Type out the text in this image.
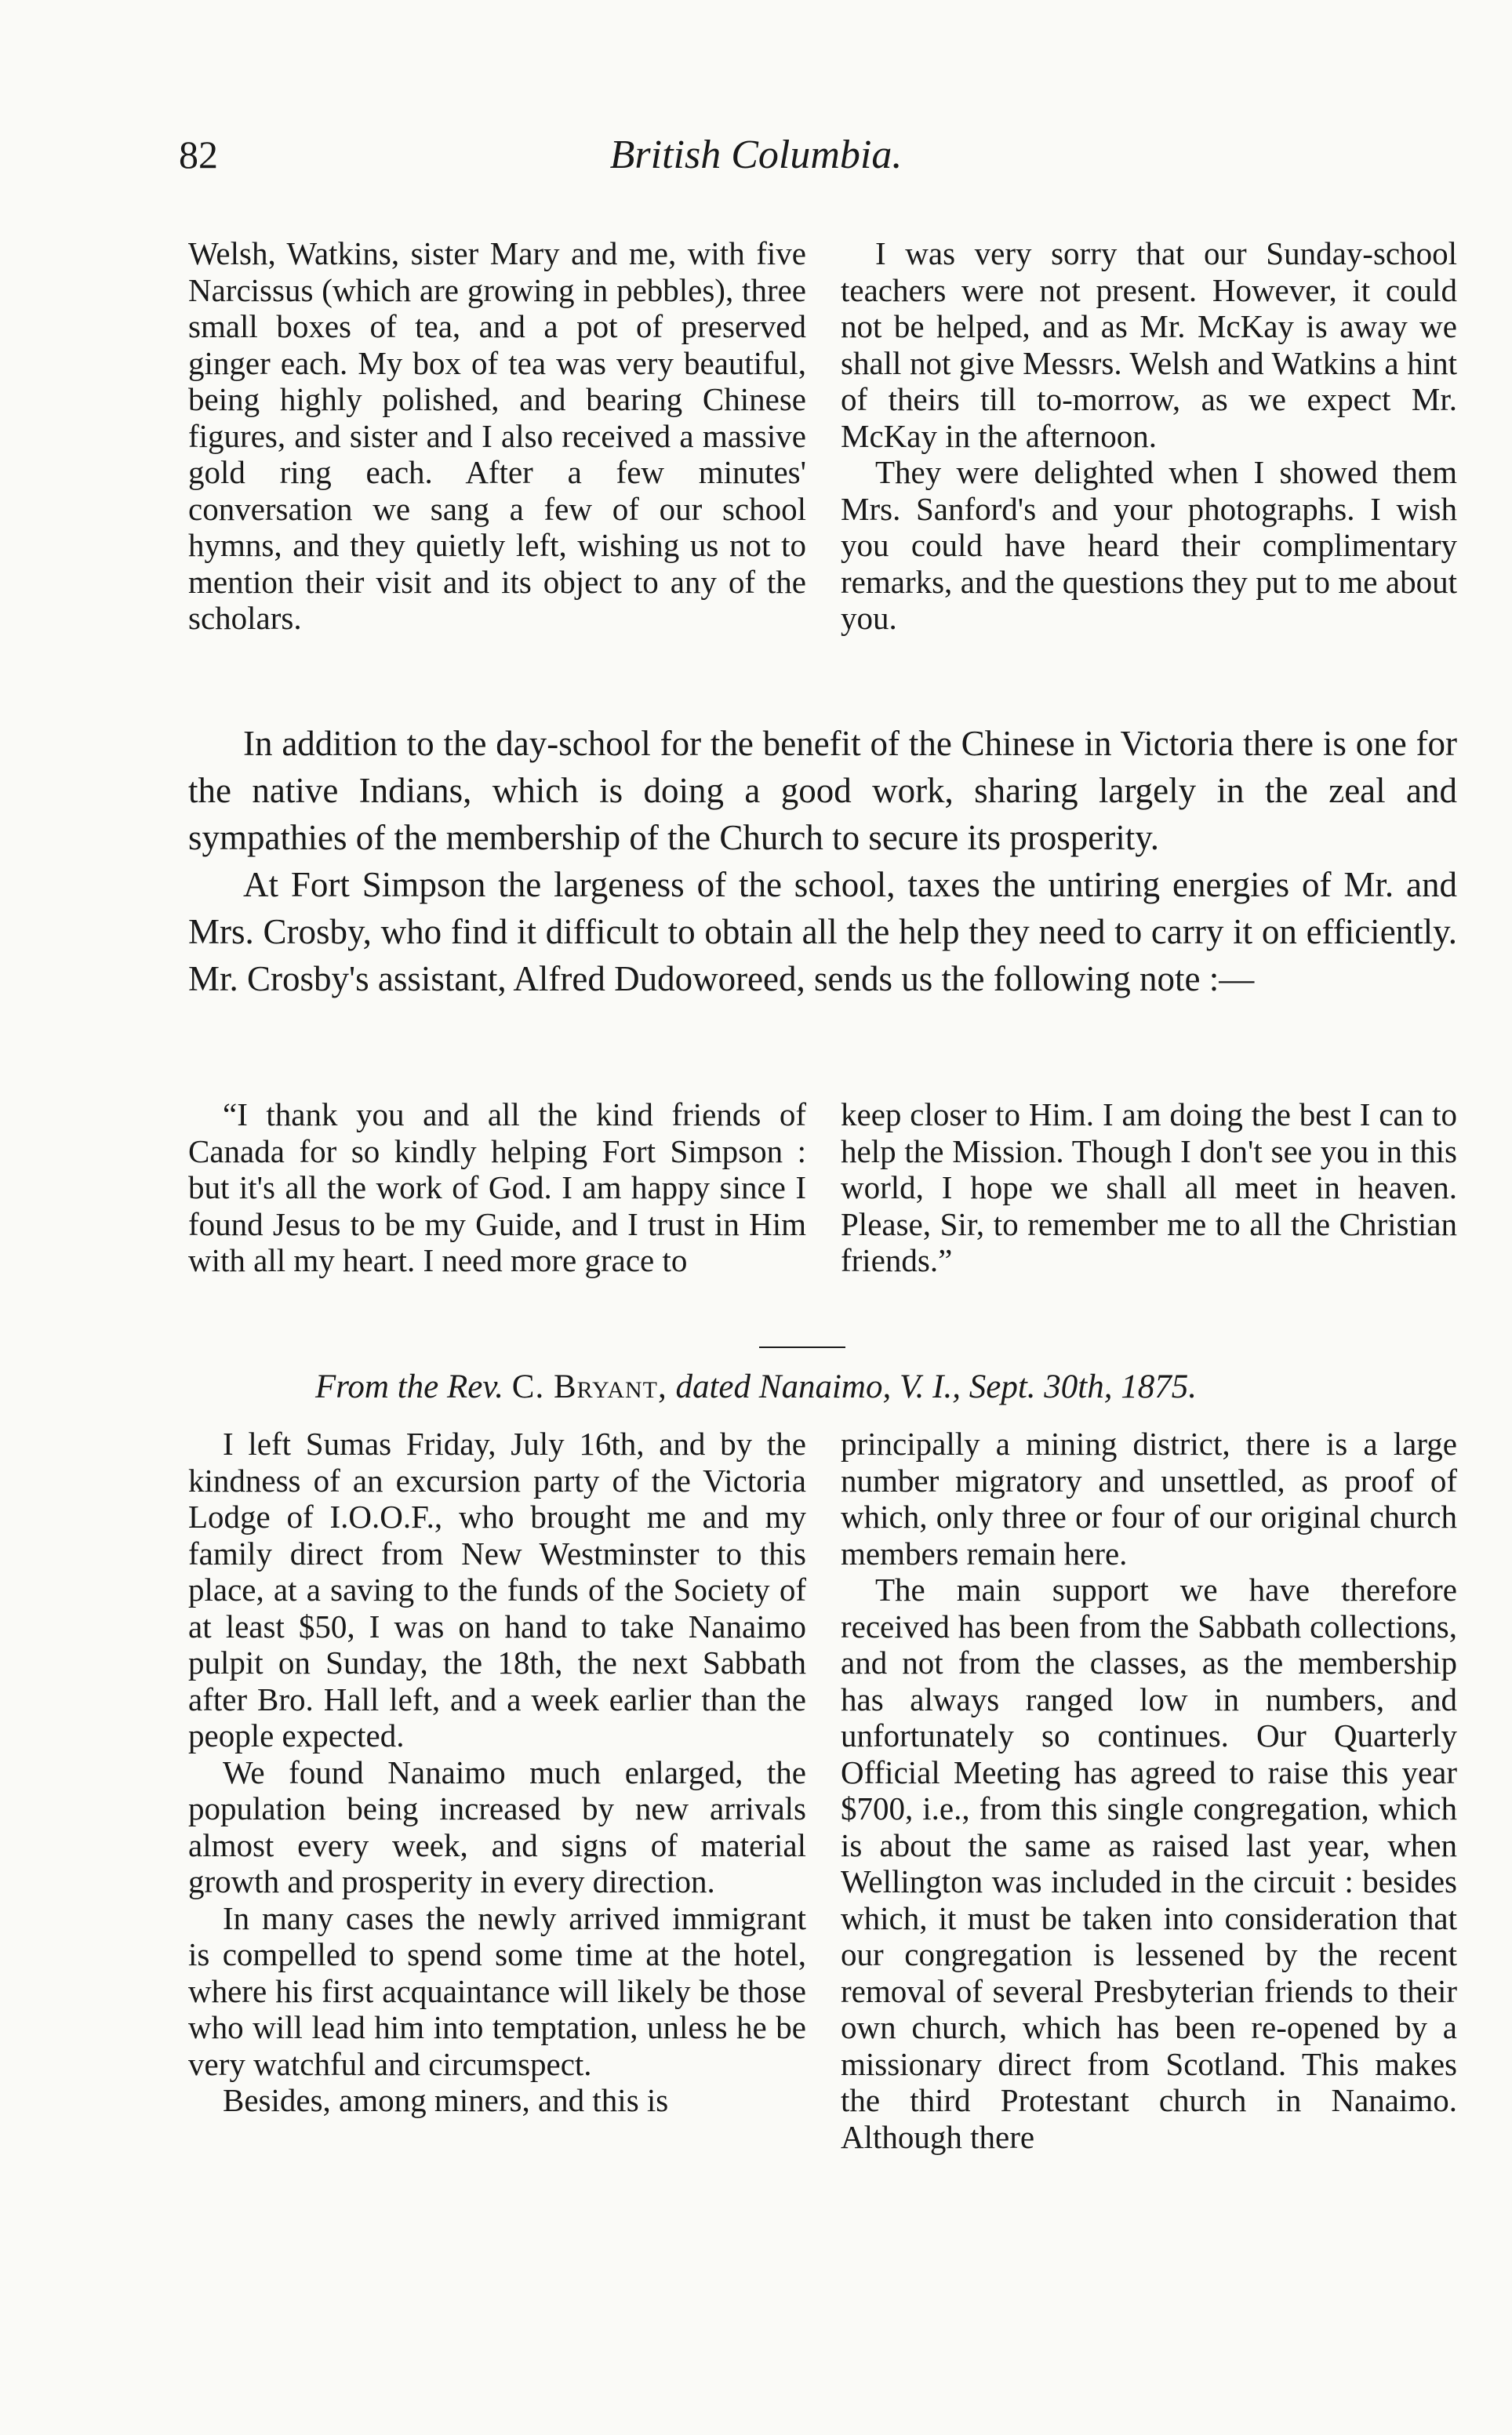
82	British Columbia.

Welsh, Watkins, sister Mary and me, with five Narcissus (which are growing in pebbles), three small boxes of tea, and a pot of preserved ginger each. My box of tea was very beautiful, being highly polished, and bearing Chinese figures, and sister and I also received a massive gold ring each. After a few minutes' conversation we sang a few of our school hymns, and they quietly left, wishing us not to mention their visit and its object to any of the scholars.

I was very sorry that our Sunday-school teachers were not present. However, it could not be helped, and as Mr. McKay is away we shall not give Messrs. Welsh and Watkins a hint of theirs till to-morrow, as we expect Mr. McKay in the afternoon.

They were delighted when I showed them Mrs. Sanford's and your photographs. I wish you could have heard their complimentary remarks, and the questions they put to me about you.

In addition to the day-school for the benefit of the Chinese in Victoria there is one for the native Indians, which is doing a good work, sharing largely in the zeal and sympathies of the membership of the Church to secure its prosperity.

At Fort Simpson the largeness of the school, taxes the untiring energies of Mr. and Mrs. Crosby, who find it difficult to obtain all the help they need to carry it on efficiently. Mr. Crosby's assistant, Alfred Dudoworeed, sends us the following note :—

“I thank you and all the kind friends of Canada for so kindly helping Fort Simpson : but it's all the work of God. I am happy since I found Jesus to be my Guide, and I trust in Him with all my heart. I need more grace to

keep closer to Him. I am doing the best I can to help the Mission. Though I don't see you in this world, I hope we shall all meet in heaven. Please, Sir, to remember me to all the Christian friends.”

From the Rev. C. Bryant, dated Nanaimo, V. I., Sept. 30th, 1875.

I left Sumas Friday, July 16th, and by the kindness of an excursion party of the Victoria Lodge of I.O.O.F., who brought me and my family direct from New Westminster to this place, at a saving to the funds of the Society of at least $50, I was on hand to take Nanaimo pulpit on Sunday, the 18th, the next Sabbath after Bro. Hall left, and a week earlier than the people expected.

We found Nanaimo much enlarged, the population being increased by new arrivals almost every week, and signs of material growth and prosperity in every direction.

In many cases the newly arrived immigrant is compelled to spend some time at the hotel, where his first acquaintance will likely be those who will lead him into temptation, unless he be very watchful and circumspect.

Besides, among miners, and this is

principally a mining district, there is a large number migratory and unsettled, as proof of which, only three or four of our original church members remain here.

The main support we have therefore received has been from the Sabbath collections, and not from the classes, as the membership has always ranged low in numbers, and unfortunately so continues. Our Quarterly Official Meeting has agreed to raise this year $700, i.e., from this single congregation, which is about the same as raised last year, when Wellington was included in the circuit : besides which, it must be taken into consideration that our congregation is lessened by the recent removal of several Presbyterian friends to their own church, which has been re-opened by a missionary direct from Scotland. This makes the third Protestant church in Nanaimo. Although there
